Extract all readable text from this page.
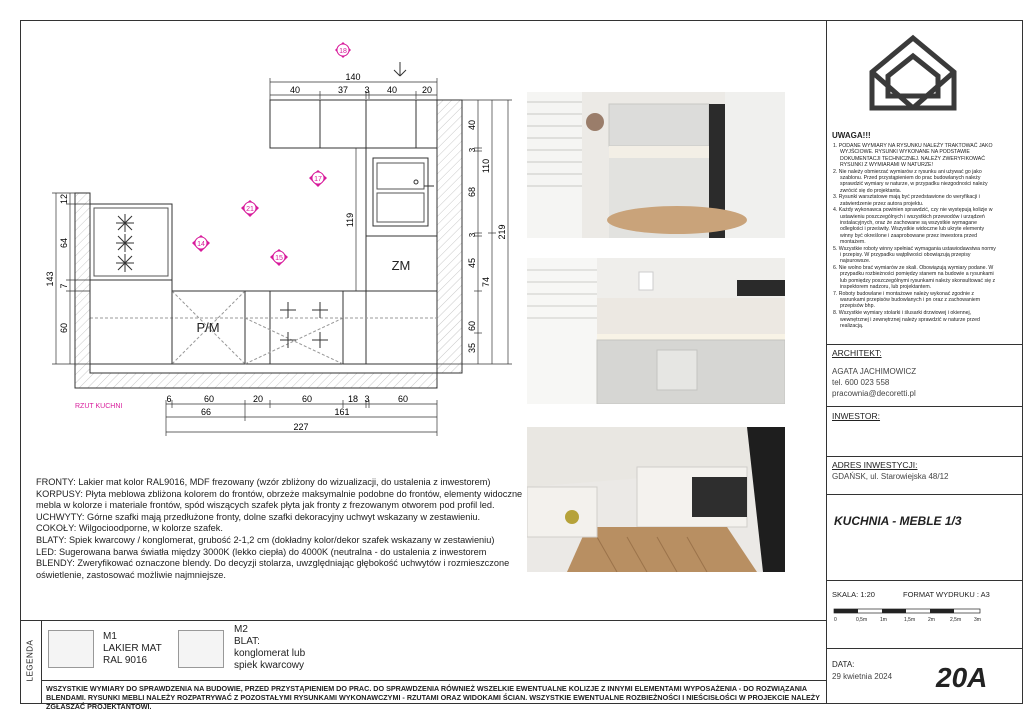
LEGENDA
WSZYSTKIE WYMIARY DO SPRAWDZENIA NA BUDOWIE, PRZED PRZYSTĄPIENIEM DO PRAC. DO SPRAWDZENIA RÓWNIEŻ WSZELKIE EWENTUALNE KOLIZJE Z INNYMI ELEMENTAMI WYPOSAŻENIA - DO ROZWIĄZANIA BLENDAMI. RYSUNKI MEBLI NALEŻY ROZPATRYWAĆ Z POZOSTAŁYMI RYSUNKAMI WYKONAWCZYMI - RZUTAMI ORAZ WIDOKAMI ŚCIAN. WSZYSTKIE EWENTUALNE ROZBIEŻNOŚCI I NIEŚCISŁOŚCI W PROJEKCIE NALEŻY ZGŁASZAĆ PROJEKTANTOWI.
ZM
P/M
18
17
21
14
15
140
40	37 3 40	20
6	60	20	60	18 3	60
66	161
227
143
12
64
7
60
119
40
3
68
3
45
60
35
110
74
219
RZUT KUCHNI

FRONTY: Lakier mat kolor RAL9016, MDF frezowany (wzór zbliżony do wizualizacji, do ustalenia z inwestorem)

KORPUSY: Płyta meblowa zbliżona kolorem do frontów, obrzeże maksymalnie podobne do frontów, elementy widoczne mebla w kolorze i materiale frontów, spód wiszących szafek płyta jak fronty z frezowanym otworem pod profil led.

UCHWYTY: Górne szafki mają przedłużone fronty, dolne szafki dekoracyjny uchwyt wskazany w zestawieniu.

COKOŁY: Wilgocioodporne, w kolorze szafek.

BLATY: Spiek kwarcowy / konglomerat, grubość 2-1,2 cm (dokładny kolor/dekor szafek wskazany w zestawieniu)

LED: Sugerowana barwa światła między 3000K (lekko ciepła) do 4000K (neutralna - do ustalenia z inwestorem

BLENDY: Zweryfikować oznaczone blendy. Do decyzji stolarza, uwzględniając głębokość uchwytów i rozmieszczone oświetlenie, zastosować możliwie najmniejsze.

M1
LAKIER MAT
RAL 9016
M2
BLAT:
konglomerat lub
spiek kwarcowy
UWAGA!!!
1. PODANE WYMIARY NA RYSUNKU NALEŻY TRAKTOWAĆ JAKO WYJŚCIOWE. RYSUNKI WYKONANE NA PODSTAWIE DOKUMENTACJI TECHNICZNEJ. NALEŻY ZWERYFIKOWAĆ RYSUNKI Z WYMIARAMI W NATURZE!
2. Nie należy obmierzać wymiarów z rysunku ani używać go jako szablonu. Przed przystąpieniem do prac budowlanych należy sprawdzić wymiary w naturze, w przypadku niezgodności należy zwrócić się do projektanta.
3. Rysunki warsztatowe mają być przedstawione do weryfikacji i zatwierdzenie przez autora projektu.
4. Każdy wykonawca powinien sprawdzić, czy nie występują kolizje w ustawieniu poszczególnych i wszystkich przewodów i urządzeń instalacyjnych, oraz że zachowane są wszystkie wymagane odległości i prześwity. Wszystkie widoczne lub ukryte elementy winny być określone i zaaprobowane przez inwestora przed montażem.
5. Wszystkie roboty winny spełniać wymagania ustawiodawstwa normy i przepisy. W przypadku wątpliwości obowiązują przepisy najsurowsze.
6. Nie wolno brać wymiarów ze skali. Obowiązują wymiary podane. W przypadku rozbieżności pomiędzy stanem na budowie a rysunkami lub pomiędzy poszczególnymi rysunkami należy skonsultować się z inspektorem nadzoru, lub projektantem.
7. Roboty budowlane i montażowe należy wykonać zgodnie z warunkami przepisów budowlanych i pn oraz z zachowaniem przepisów bhp.
8. Wszystkie wymiary stolarki i ślusarki drzwiowej i okiennej, wewnętrznej i zewnętrznej należy sprawdzić w naturze przed realizacją.
ARCHITEKT:
AGATA JACHIMOWICZ
tel. 600 023 558
pracownia@decoretti.pl
INWESTOR:
ADRES INWESTYCJI:
GDAŃSK, ul. Starowiejska 48/12
KUCHNIA - MEBLE 1/3
SKALA: 1:20	FORMAT WYDRUKU : A3
0	0,5m	1m	1,5m	2m	2,5m	3m
DATA:
29 kwietnia 2024 20A
